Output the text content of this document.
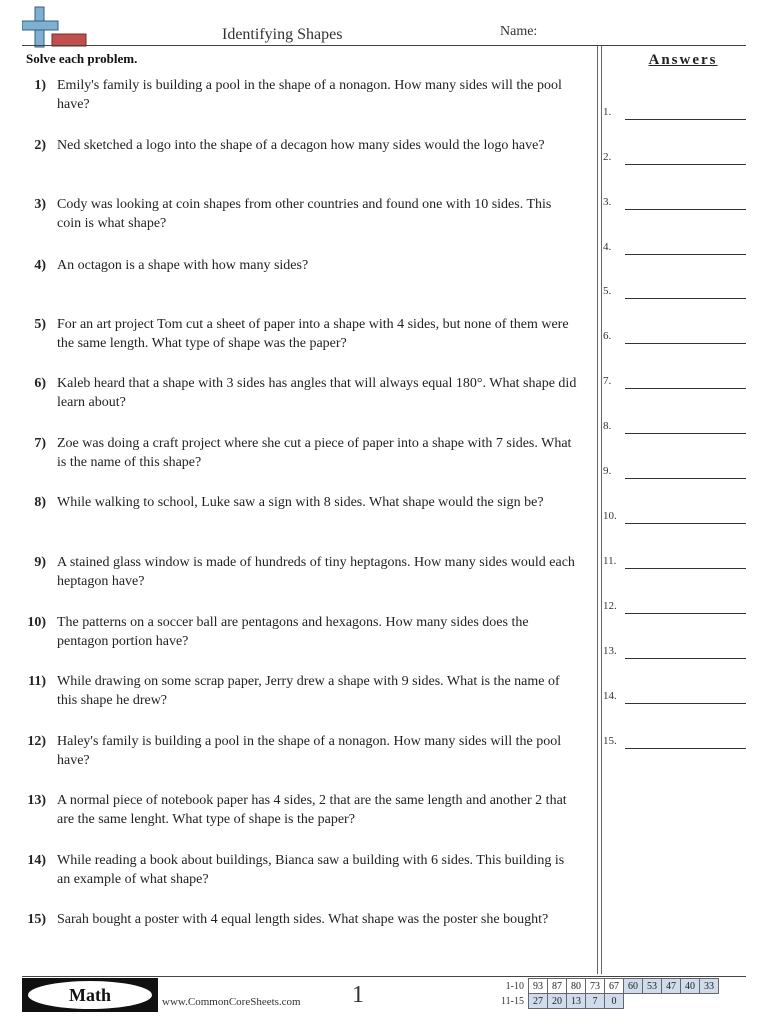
Identifying Shapes	Name:
Solve each problem.
1) Emily's family is building a pool in the shape of a nonagon. How many sides will the pool have?
2) Ned sketched a logo into the shape of a decagon how many sides would the logo have?
3) Cody was looking at coin shapes from other countries and found one with 10 sides. This coin is what shape?
4) An octagon is a shape with how many sides?
5) For an art project Tom cut a sheet of paper into a shape with 4 sides, but none of them were the same length. What type of shape was the paper?
6) Kaleb heard that a shape with 3 sides has angles that will always equal 180°. What shape did learn about?
7) Zoe was doing a craft project where she cut a piece of paper into a shape with 7 sides. What is the name of this shape?
8) While walking to school, Luke saw a sign with 8 sides. What shape would the sign be?
9) A stained glass window is made of hundreds of tiny heptagons. How many sides would each heptagon have?
10) The patterns on a soccer ball are pentagons and hexagons. How many sides does the pentagon portion have?
11) While drawing on some scrap paper, Jerry drew a shape with 9 sides. What is the name of this shape he drew?
12) Haley's family is building a pool in the shape of a nonagon. How many sides will the pool have?
13) A normal piece of notebook paper has 4 sides, 2 that are the same length and another 2 that are the same lenght. What type of shape is the paper?
14) While reading a book about buildings, Bianca saw a building with 6 sides. This building is an example of what shape?
15) Sarah bought a poster with 4 equal length sides. What shape was the poster she bought?
Answers
1.
2.
3.
4.
5.
6.
7.
8.
9.
10.
11.
12.
13.
14.
15.
Math	www.CommonCoreSheets.com 1	1-10	93	87	80	73	67	60	53	47	40	33
11-15	27	20	13	7	0					
